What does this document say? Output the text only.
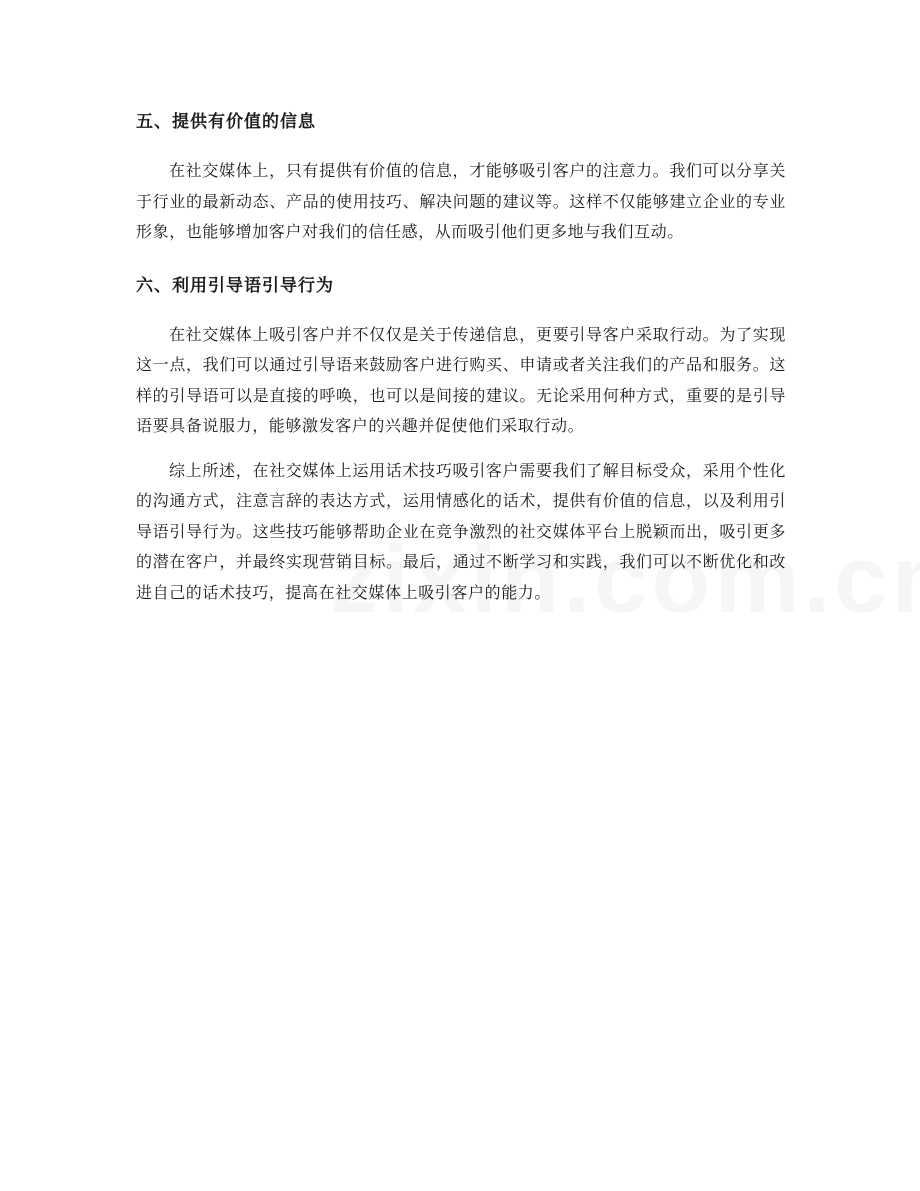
五、提供有价值的信息

在社交媒体上，只有提供有价值的信息，才能够吸引客户的注意力。我们可以分享关于行业的最新动态、产品的使用技巧、解决问题的建议等。这样不仅能够建立企业的专业形象，也能够增加客户对我们的信任感，从而吸引他们更多地与我们互动。

六、利用引导语引导行为

在社交媒体上吸引客户并不仅仅是关于传递信息，更要引导客户采取行动。为了实现这一点，我们可以通过引导语来鼓励客户进行购买、申请或者关注我们的产品和服务。这样的引导语可以是直接的呼唤，也可以是间接的建议。无论采用何种方式，重要的是引导语要具备说服力，能够激发客户的兴趣并促使他们采取行动。

综上所述，在社交媒体上运用话术技巧吸引客户需要我们了解目标受众，采用个性化的沟通方式，注意言辞的表达方式，运用情感化的话术，提供有价值的信息，以及利用引导语引导行为。这些技巧能够帮助企业在竞争激烈的社交媒体平台上脱颖而出，吸引更多的潜在客户，并最终实现营销目标。最后，通过不断学习和实践，我们可以不断优化和改进自己的话术技巧，提高在社交媒体上吸引客户的能力。
